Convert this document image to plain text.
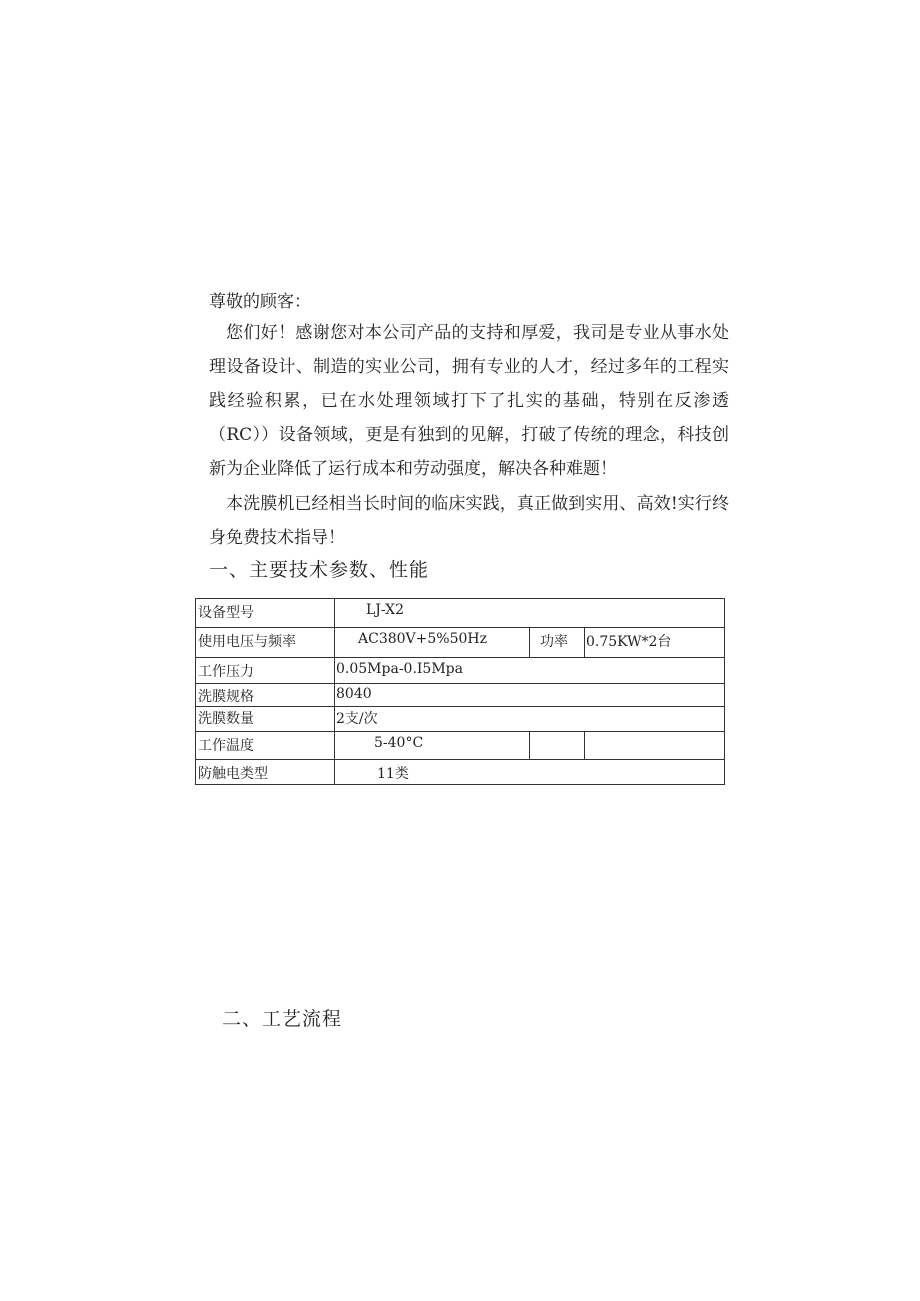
尊敬的顾客：
您们好！感谢您对本公司产品的支持和厚爱，我司是专业从事水处理设备设计、制造的实业公司，拥有专业的人才，经过多年的工程实践经验积累，已在水处理领域打下了扎实的基础，特别在反渗透（RC））设备领域，更是有独到的见解，打破了传统的理念，科技创新为企业降低了运行成本和劳动强度，解决各种难题！
本洗膜机已经相当长时间的临床实践，真正做到实用、高效!实行终身免费技术指导！
一、主要技术参数、性能
设备型号	LJ-X2
使用电压与频率	AC380V+5%50Hz	功率 0.75KW*2台
工作压力	0.05Mpa-0.I5Mpa
洗膜规格	8040
洗膜数量	2支/次
工作温度	5-40°C
防触电类型	11类
二、工艺流程
